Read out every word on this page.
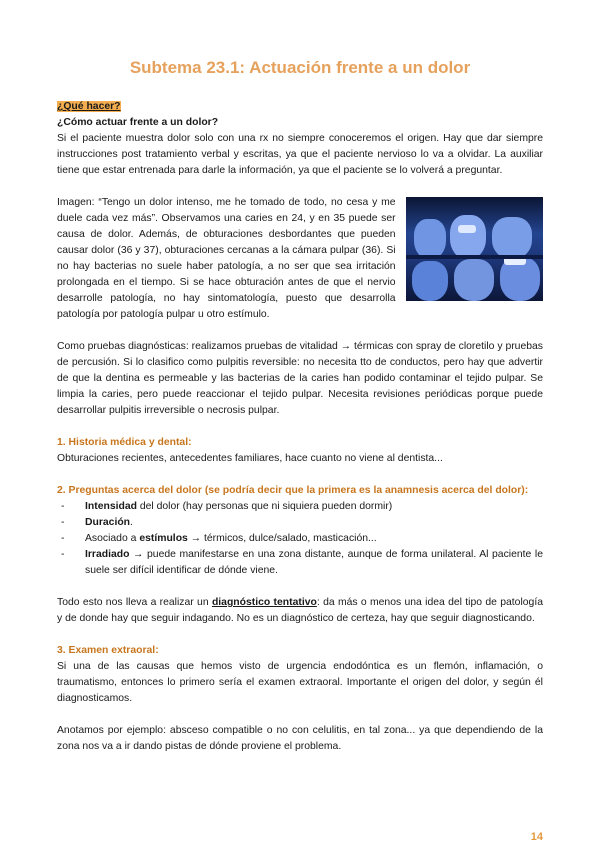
Subtema 23.1: Actuación frente a un dolor
¿Qué hacer?
¿Cómo actuar frente a un dolor?

Si el paciente muestra dolor solo con una rx no siempre conoceremos el origen. Hay que dar siempre instrucciones post tratamiento verbal y escritas, ya que el paciente nervioso lo va a olvidar. La auxiliar tiene que estar entrenada para darle la información, ya que el paciente se lo volverá a preguntar.

Imagen: “Tengo un dolor intenso, me he tomado de todo, no cesa y me duele cada vez más”. Observamos una caries en 24, y en 35 puede ser causa de dolor. Además, de obturaciones desbordantes que pueden causar dolor (36 y 37), obturaciones cercanas a la cámara pulpar (36). Si no hay bacterias no suele haber patología, a no ser que sea irritación prolongada en el tiempo. Si se hace obturación antes de que el nervio desarrolle patología, no hay sintomatología, puesto que desarrolla patología por patología pulpar u otro estímulo.

Como pruebas diagnósticas: realizamos pruebas de vitalidad → térmicas con spray de cloretilo y pruebas de percusión. Si lo clasifico como pulpitis reversible: no necesita tto de conductos, pero hay que advertir de que la dentina es permeable y las bacterias de la caries han podido contaminar el tejido pulpar. Se limpia la caries, pero puede reaccionar el tejido pulpar. Necesita revisiones periódicas porque puede desarrollar pulpitis irreversible o necrosis pulpar.

1. Historia médica y dental:

Obturaciones recientes, antecedentes familiares, hace cuanto no viene al dentista...

2. Preguntas acerca del dolor (se podría decir que la primera es la anamnesis acerca del dolor):
- Intensidad del dolor (hay personas que ni siquiera pueden dormir)
- Duración.
- Asociado a estímulos → térmicos, dulce/salado, masticación...
- Irradiado → puede manifestarse en una zona distante, aunque de forma unilateral. Al paciente le suele ser difícil identificar de dónde viene.

Todo esto nos lleva a realizar un diagnóstico tentativo: da más o menos una idea del tipo de patología y de donde hay que seguir indagando. No es un diagnóstico de certeza, hay que seguir diagnosticando.

3. Examen extraoral:

Si una de las causas que hemos visto de urgencia endodóntica es un flemón, inflamación, o traumatismo, entonces lo primero sería el examen extraoral. Importante el origen del dolor, y según él diagnosticamos.

Anotamos por ejemplo: absceso compatible o no con celulitis, en tal zona... ya que dependiendo de la zona nos va a ir dando pistas de dónde proviene el problema.

14
